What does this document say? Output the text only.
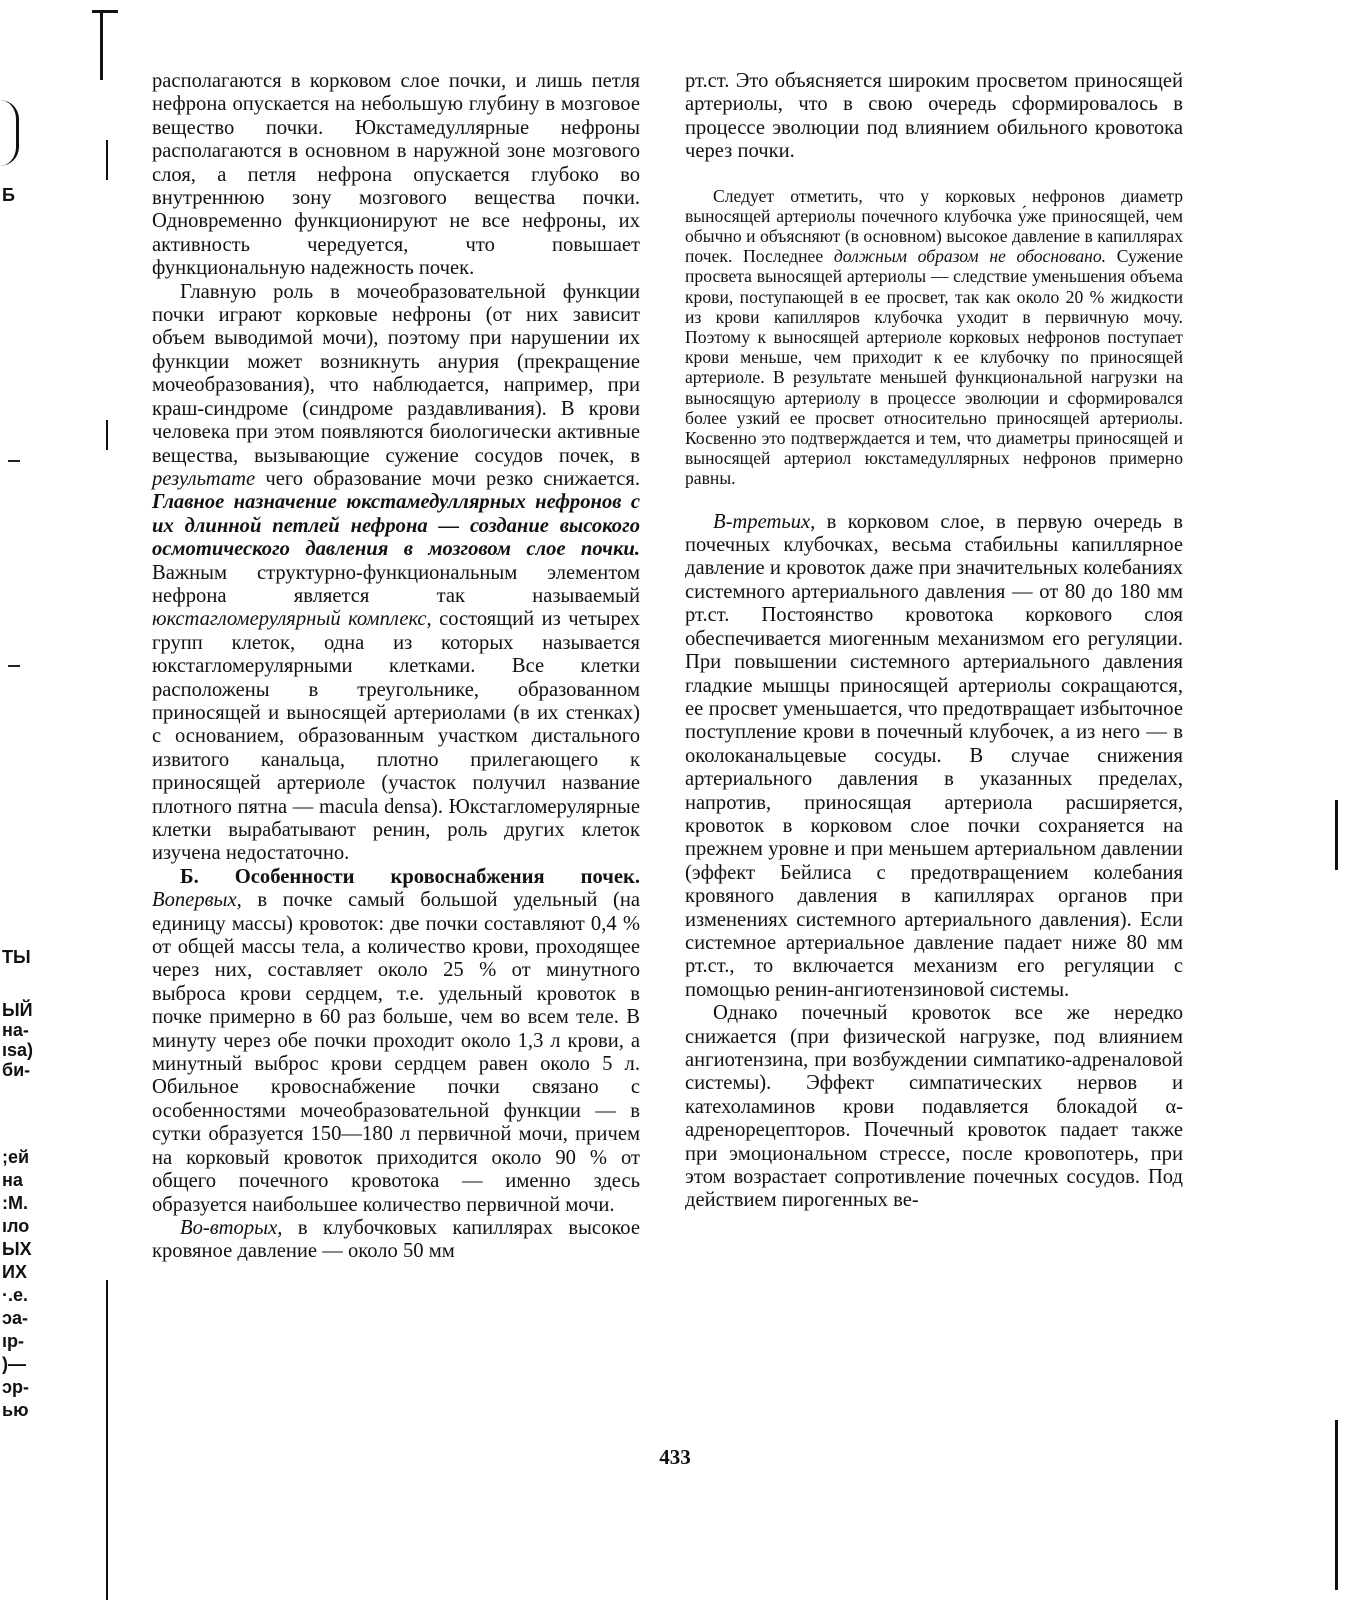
Б
ТЫ
ЫЙ
на-
ısa)
би-
;ей
на
:М.
ıло
ЫХ
ИХ
·.е.
ɔа-
ıр-
)—
ɔр-
ью

располагаются в корковом слое почки, и лишь петля нефрона опускается на небольшую глубину в мозговое вещество почки. Юкстамедуллярные нефроны располагаются в основном в наружной зоне мозгового слоя, а петля нефрона опускается глубоко во внутреннюю зону мозгового вещества почки. Одновременно функционируют не все нефроны, их активность чередуется, что повышает функциональную надежность почек.

Главную роль в мочеобразовательной функции почки играют корковые нефроны (от них зависит объем выводимой мочи), поэтому при нарушении их функции может возникнуть анурия (прекращение мочеобразования), что наблюдается, например, при краш-синдроме (синдроме раздавливания). В крови человека при этом появляются биологически активные вещества, вызывающие сужение сосудов почек, в результате чего образование мочи резко снижается. Главное назначение юкстамедуллярных нефронов с их длинной петлей нефрона — создание высокого осмотического давления в мозговом слое почки. Важным структурно-функциональным элементом нефрона является так называемый юкстагломерулярный комплекс, состоящий из четырех групп клеток, одна из которых называется юкстагломерулярными клетками. Все клетки расположены в треугольнике, образованном приносящей и выносящей артериолами (в их стенках) с основанием, образованным участком дистального извитого канальца, плотно прилегающего к приносящей артериоле (участок получил название плотного пятна — macula densa). Юкстагломерулярные клетки вырабатывают ренин, роль других клеток изучена недостаточно.

Б. Особенности кровоснабжения почек. Вопервых, в почке самый большой удельный (на единицу массы) кровоток: две почки составляют 0,4 % от общей массы тела, а количество крови, проходящее через них, составляет около 25 % от минутного выброса крови сердцем, т.е. удельный кровоток в почке примерно в 60 раз больше, чем во всем теле. В минуту через обе почки проходит около 1,3 л крови, а минутный выброс крови сердцем равен около 5 л. Обильное кровоснабжение почки связано с особенностями мочеобразовательной функции — в сутки образуется 150—180 л первичной мочи, причем на корковый кровоток приходится около 90 % от общего почечного кровотока — именно здесь образуется наибольшее количество первичной мочи.

Во-вторых, в клубочковых капиллярах высокое кровяное давление — около 50 мм

рт.ст. Это объясняется широким просветом приносящей артериолы, что в свою очередь сформировалось в процессе эволюции под влиянием обильного кровотока через почки.

Следует отметить, что у корковых нефронов диаметр выносящей артериолы почечного клубочка у́же приносящей, чем обычно и объясняют (в основном) высокое давление в капиллярах почек. Последнее должным образом не обосновано. Сужение просвета выносящей артериолы — следствие уменьшения объема крови, поступающей в ее просвет, так как около 20 % жидкости из крови капилляров клубочка уходит в первичную мочу. Поэтому к выносящей артериоле корковых нефронов поступает крови меньше, чем приходит к ее клубочку по приносящей артериоле. В результате меньшей функциональной нагрузки на выносящую артериолу в процессе эволюции и сформировался более узкий ее просвет относительно приносящей артериолы. Косвенно это подтверждается и тем, что диаметры приносящей и выносящей артериол юкстамедуллярных нефронов примерно равны.

В-третьих, в корковом слое, в первую очередь в почечных клубочках, весьма стабильны капиллярное давление и кровоток даже при значительных колебаниях системного артериального давления — от 80 до 180 мм рт.ст. Постоянство кровотока коркового слоя обеспечивается миогенным механизмом его регуляции. При повышении системного артериального давления гладкие мышцы приносящей артериолы сокращаются, ее просвет уменьшается, что предотвращает избыточное поступление крови в почечный клубочек, а из него — в околоканальцевые сосуды. В случае снижения артериального давления в указанных пределах, напротив, приносящая артериола расширяется, кровоток в корковом слое почки сохраняется на прежнем уровне и при меньшем артериальном давлении (эффект Бейлиса с предотвращением колебания кровяного давления в капиллярах органов при изменениях системного артериального давления). Если системное артериальное давление падает ниже 80 мм рт.ст., то включается механизм его регуляции с помощью ренин-ангиотензиновой системы.

Однако почечный кровоток все же нередко снижается (при физической нагрузке, под влиянием ангиотензина, при возбуждении симпатико-адреналовой системы). Эффект симпатических нервов и катехоламинов крови подавляется блокадой α-адренорецепторов. Почечный кровоток падает также при эмоциональном стрессе, после кровопотерь, при этом возрастает сопротивление почечных сосудов. Под действием пирогенных ве-

433
